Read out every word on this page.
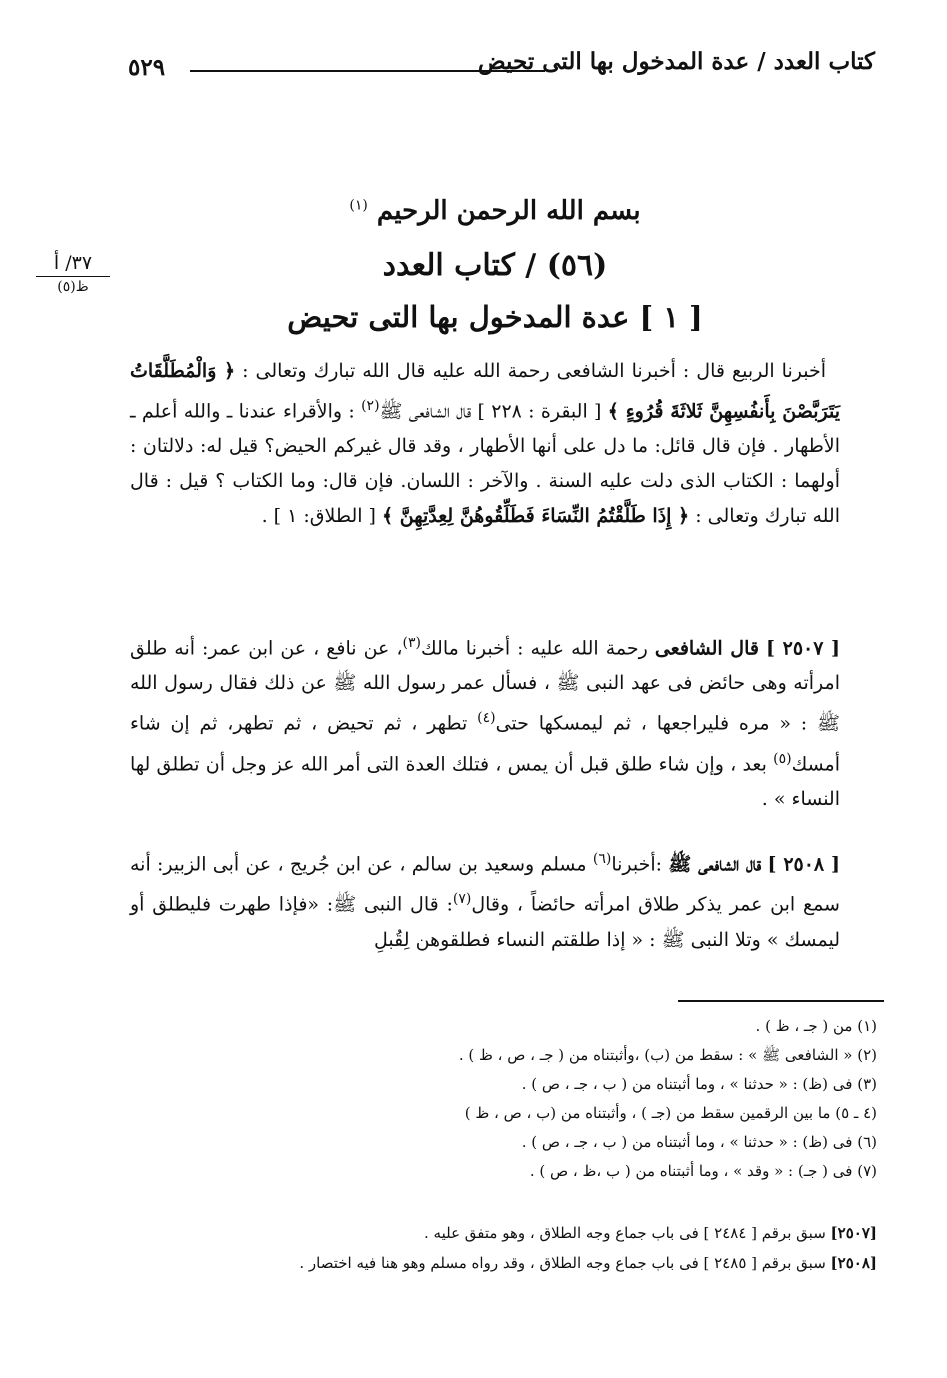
كتاب العدد / عدة المدخول بها التى تحيض
٥٢٩
٣٧/ أ
ظ(٥)
بسم الله الرحمن الرحيم $^{(١)}$
(٥٦) / كتاب العدد
[ ١ ] عدة المدخول بها التى تحيض
أخبرنا الربيع قال : أخبرنا الشافعى رحمة الله عليه قال الله تبارك وتعالى : ﴿ وَالْمُطَلَّقَاتُ يَتَرَبَّصْنَ بِأَنفُسِهِنَّ ثَلاثَةَ قُرُوءٍ ﴾ [ البقرة : ٢٢٨ ] قال الشافعى ﷺ$^{(٢)}$ : والأقراء عندنا ـ والله أعلم ـ الأطهار . فإن قال قائل: ما دل على أنها الأطهار ، وقد قال غيركم الحيض؟ قيل له: دلالتان : أولهما : الكتاب الذى دلت عليه السنة . والآخر : اللسان. فإن قال: وما الكتاب ؟ قيل : قال الله تبارك وتعالى : ﴿ إِذَا طَلَّقْتُمُ النِّسَاءَ فَطَلِّقُوهُنَّ لِعِدَّتِهِنَّ ﴾ [ الطلاق: ١ ] .
[ ٢٥٠٧ ] قال الشافعى رحمة الله عليه : أخبرنا مالك$^{(٣)}$، عن نافع ، عن ابن عمر: أنه طلق امرأته وهى حائض فى عهد النبى ﷺ ، فسأل عمر رسول الله ﷺ عن ذلك فقال رسول الله ﷺ : « مره فليراجعها ، ثم ليمسكها حتى$^{(٤)}$ تطهر ، ثم تحيض ، ثم تطهر، ثم إن شاء أمسك$^{(٥)}$ بعد ، وإن شاء طلق قبل أن يمس ، فتلك العدة التى أمر الله عز وجل أن تطلق لها النساء » .
[ ٢٥٠٨ ] قال الشافعى ﷺ :أخبرنا$^{(٦)}$ مسلم وسعيد بن سالم ، عن ابن جُريج ، عن أبى الزبير: أنه سمع ابن عمر يذكر طلاق امرأته حائضاً ، وقال$^{(٧)}$: قال النبى ﷺ: «فإذا طهرت فليطلق أو ليمسك » وتلا النبى ﷺ : « إذا طلقتم النساء فطلقوهن لِقُبلِ
(١) من ( جـ ، ظ ) .
(٢) « الشافعى ﷺ » : سقط من (ب) ،وأثبتناه من ( جـ ، ص ، ظ ) .
(٣) فى (ظ) : « حدثنا » ، وما أثبتناه من ( ب ، جـ ، ص ) .
(٤ ـ ٥) ما بين الرقمين سقط من (جـ ) ، وأثبتناه من (ب ، ص ، ظ )
(٦) فى (ظ) : « حدثنا » ، وما أثبتناه من ( ب ، جـ ، ص ) .
(٧) فى ( جـ) : « وقد » ، وما أثبتناه من ( ب ،ظ ، ص ) .
[٢٥٠٧] سبق برقم [ ٢٤٨٤ ] فى باب جماع وجه الطلاق ، وهو متفق عليه .
[٢٥٠٨] سبق برقم [ ٢٤٨٥ ] فى باب جماع وجه الطلاق ، وقد رواه مسلم وهو هنا فيه اختصار .
